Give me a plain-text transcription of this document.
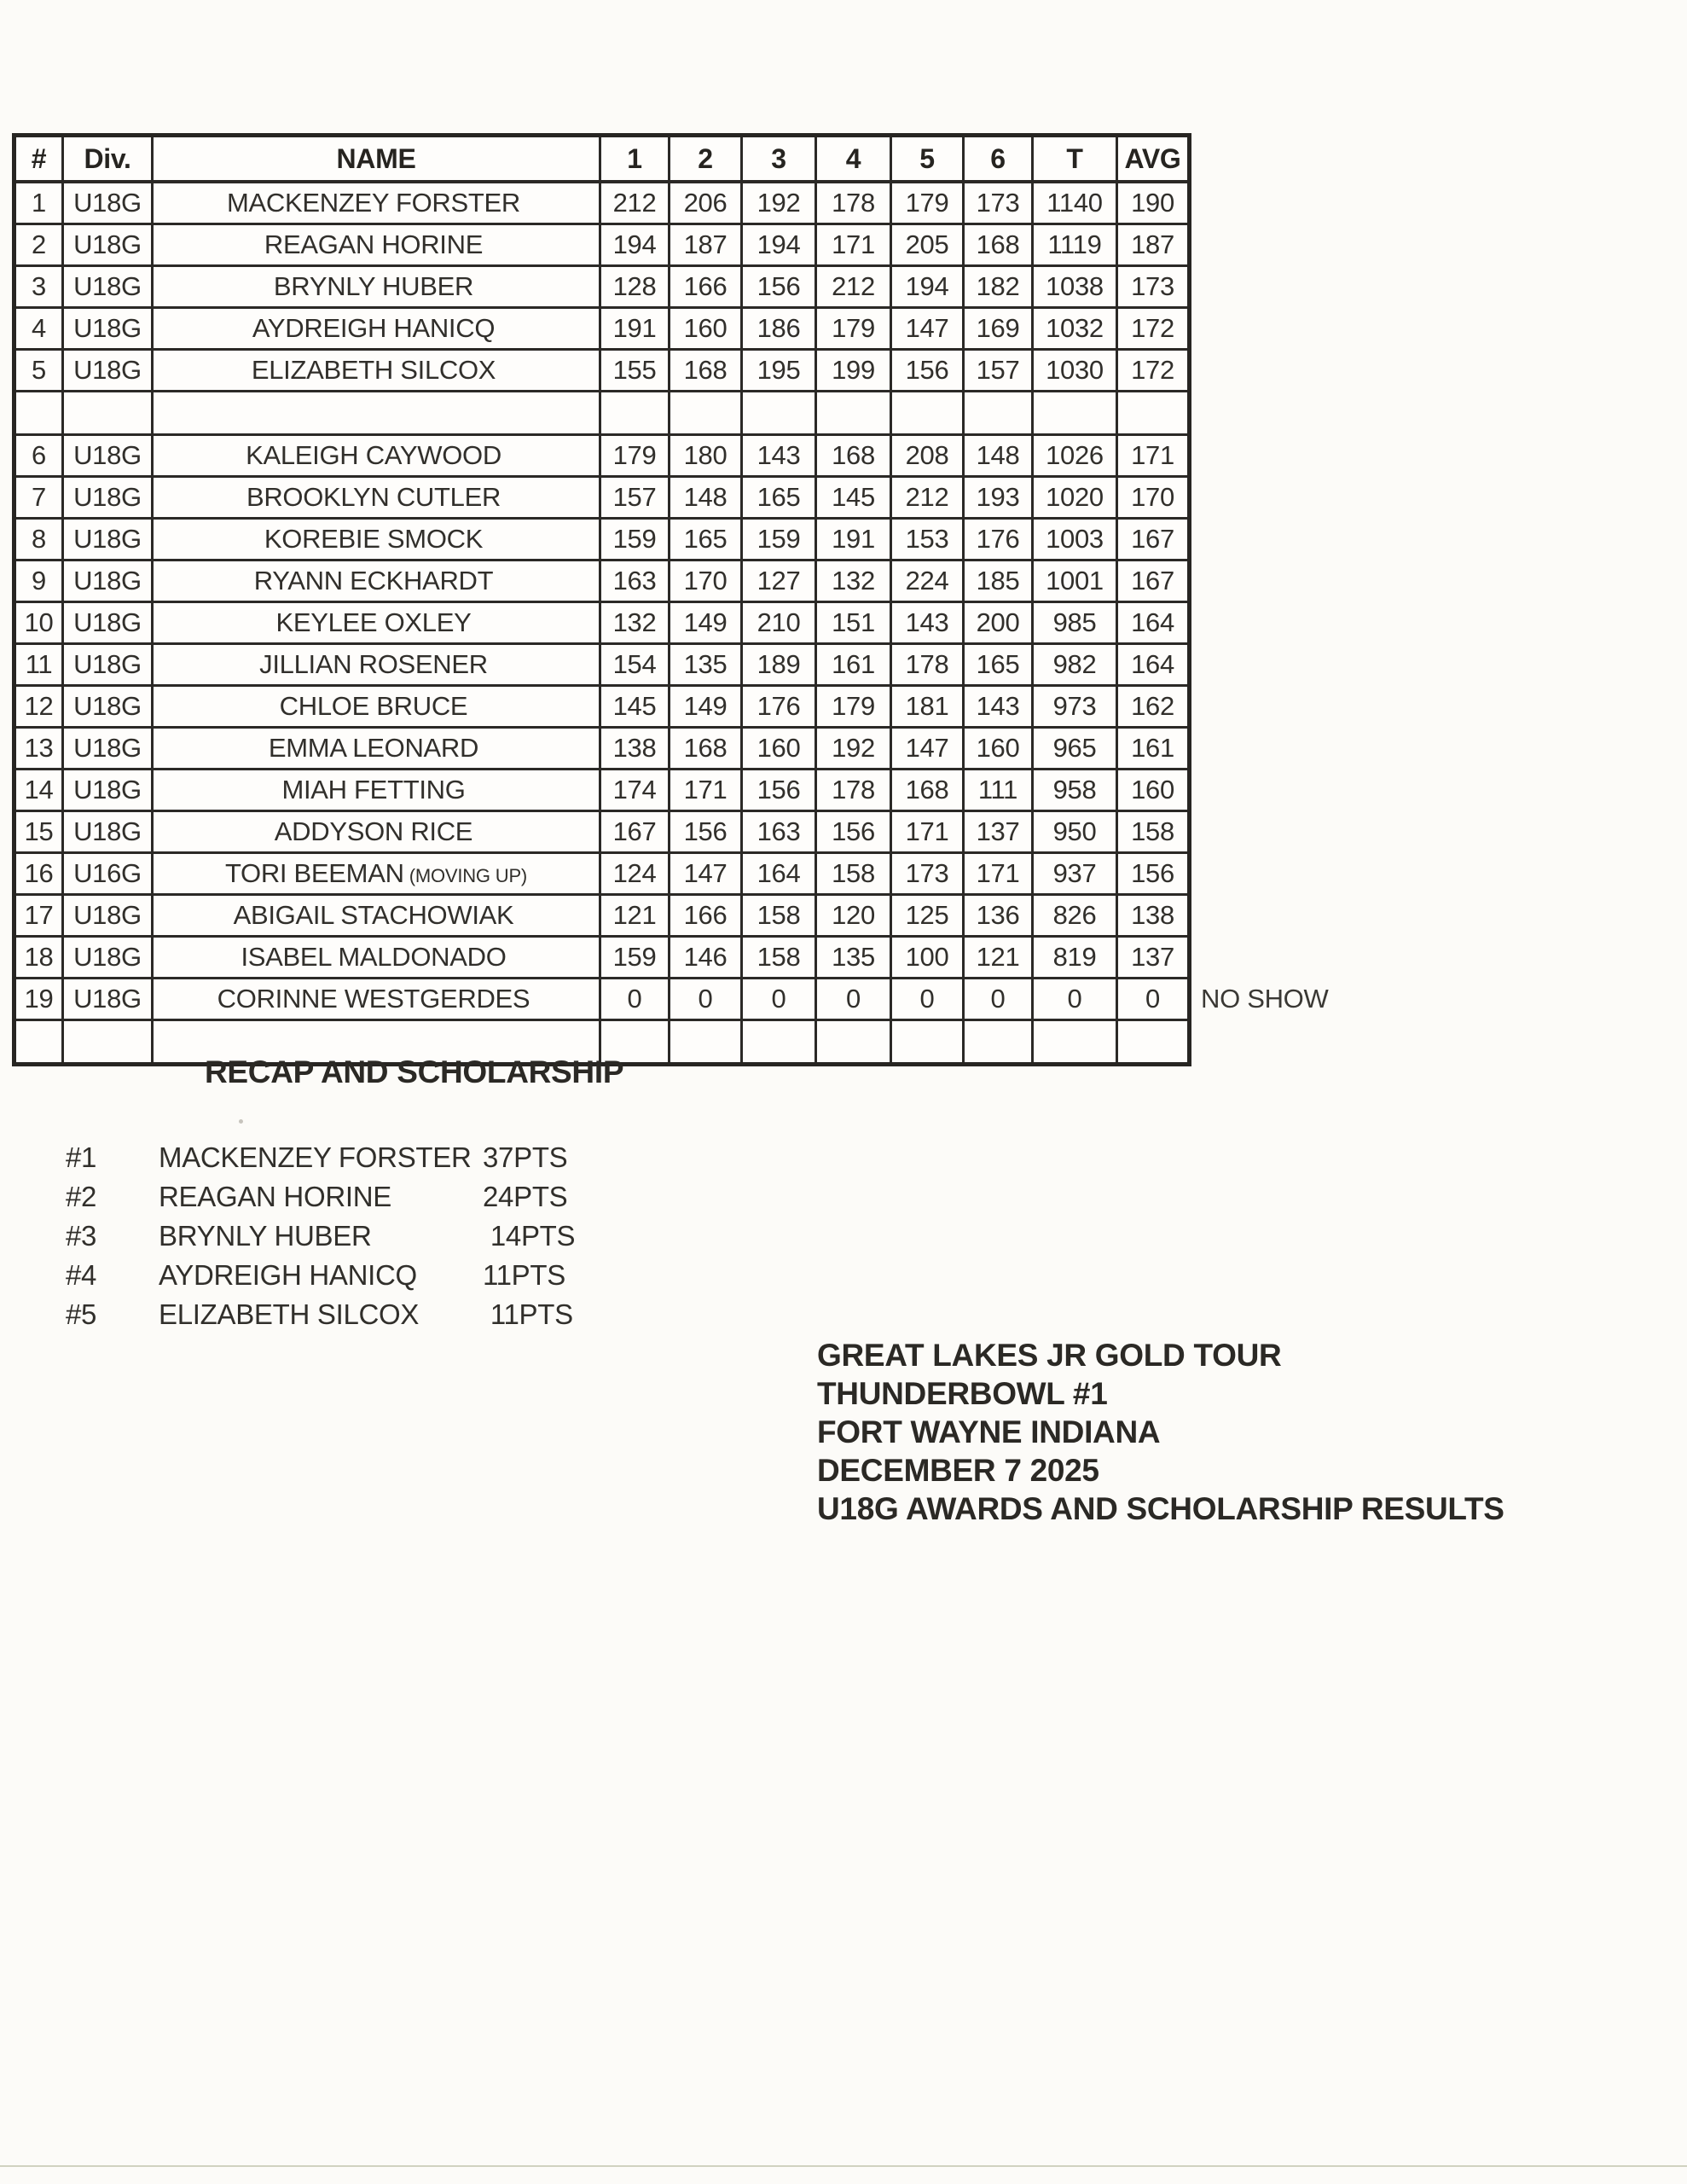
#	Div.	NAME	1	2	3	4	5	6	T	AVG
1	U18G	MACKENZEY FORSTER	212	206	192	178	179	173	1140	190

2	U18G	REAGAN HORINE	194	187	194	171	205	168	1119	187

3	U18G	BRYNLY HUBER	128	166	156	212	194	182	1038	173

4	U18G	AYDREIGH HANICQ	191	160	186	179	147	169	1032	172

5	U18G	ELIZABETH SILCOX	155	168	195	199	156	157	1030	172

6	U18G	KALEIGH CAYWOOD	179	180	143	168	208	148	1026	171

7	U18G	BROOKLYN CUTLER	157	148	165	145	212	193	1020	170

8	U18G	KOREBIE SMOCK	159	165	159	191	153	176	1003	167

9	U18G	RYANN ECKHARDT	163	170	127	132	224	185	1001	167

10	U18G	KEYLEE OXLEY	132	149	210	151	143	200	985	164

11	U18G	JILLIAN ROSENER	154	135	189	161	178	165	982	164

12	U18G	CHLOE BRUCE	145	149	176	179	181	143	973	162

13	U18G	EMMA LEONARD	138	168	160	192	147	160	965	161

14	U18G	MIAH FETTING	174	171	156	178	168	111	958	160

15	U18G	ADDYSON RICE	167	156	163	156	171	137	950	158

16	U16G	TORI BEEMAN (MOVING UP)	124	147	164	158	173	171	937	156

17	U18G	ABIGAIL STACHOWIAK	121	166	158	120	125	136	826	138

18	U18G	ISABEL MALDONADO	159	146	158	135	100	121	819	137

19	U18G	CORINNE WESTGERDES	0	0	0	0	0	0	0	0 NO SHOW

RECAP AND SCHOLARSHIP
#1 MACKENZEY FORSTER 37PTS
#2 REAGAN HORINE	24PTS
#3 BRYNLY HUBER	14PTS
#4 AYDREIGH HANICQ 11PTS
#5 ELIZABETH SILCOX 11PTS
GREAT LAKES JR GOLD TOUR
THUNDERBOWL #1
FORT WAYNE INDIANA
DECEMBER 7 2025
U18G AWARDS AND SCHOLARSHIP RESULTS
